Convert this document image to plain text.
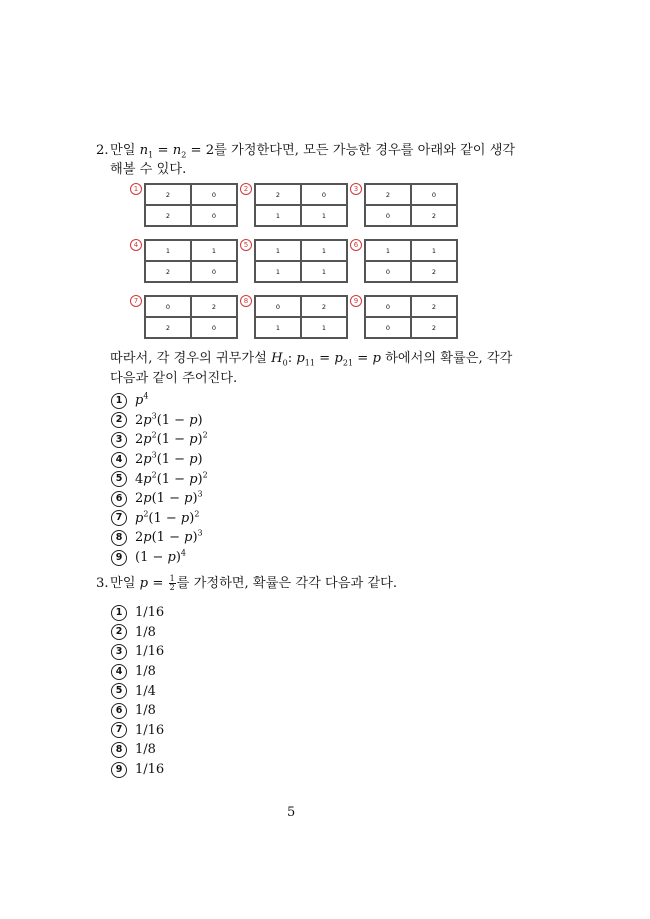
2. 만일 $n_1 = n_2 = 2$를 가정한다면, 모든 가능한 경우를 아래와 같이 생각
해볼 수 있다.
1
2	0
2	0
2
2	0
1	1
3
2	0
0	2
4
1	1
2	0
5
1	1
1	1
6
1	1
0	2
7
0	2
2	0
8
0	2
1	1
9
0	2
0	2
따라서, 각 경우의 귀무가설 $H_0$: $p_{11} = p_{21} = p$ 하에서의 확률은, 각각
다음과 같이 주어진다.
1 $p^4$
2 $2p^3(1 - p)$
3 $2p^2(1 - p)^2$
4 $2p^3(1 - p)$
5 $4p^2(1 - p)^2$
6 $2p(1 - p)^3$
7 $p^2(1 - p)^2$
8 $2p(1 - p)^3$
9 $(1 - p)^4$
3. 만일 $p = \frac{1}{2}$ 를 가정하면, 확률은 각각 다음과 같다.
1 1/16
2 1/8
3 1/16
4 1/8
5 1/4
6 1/8
7 1/16
8 1/8
9 1/16
5
